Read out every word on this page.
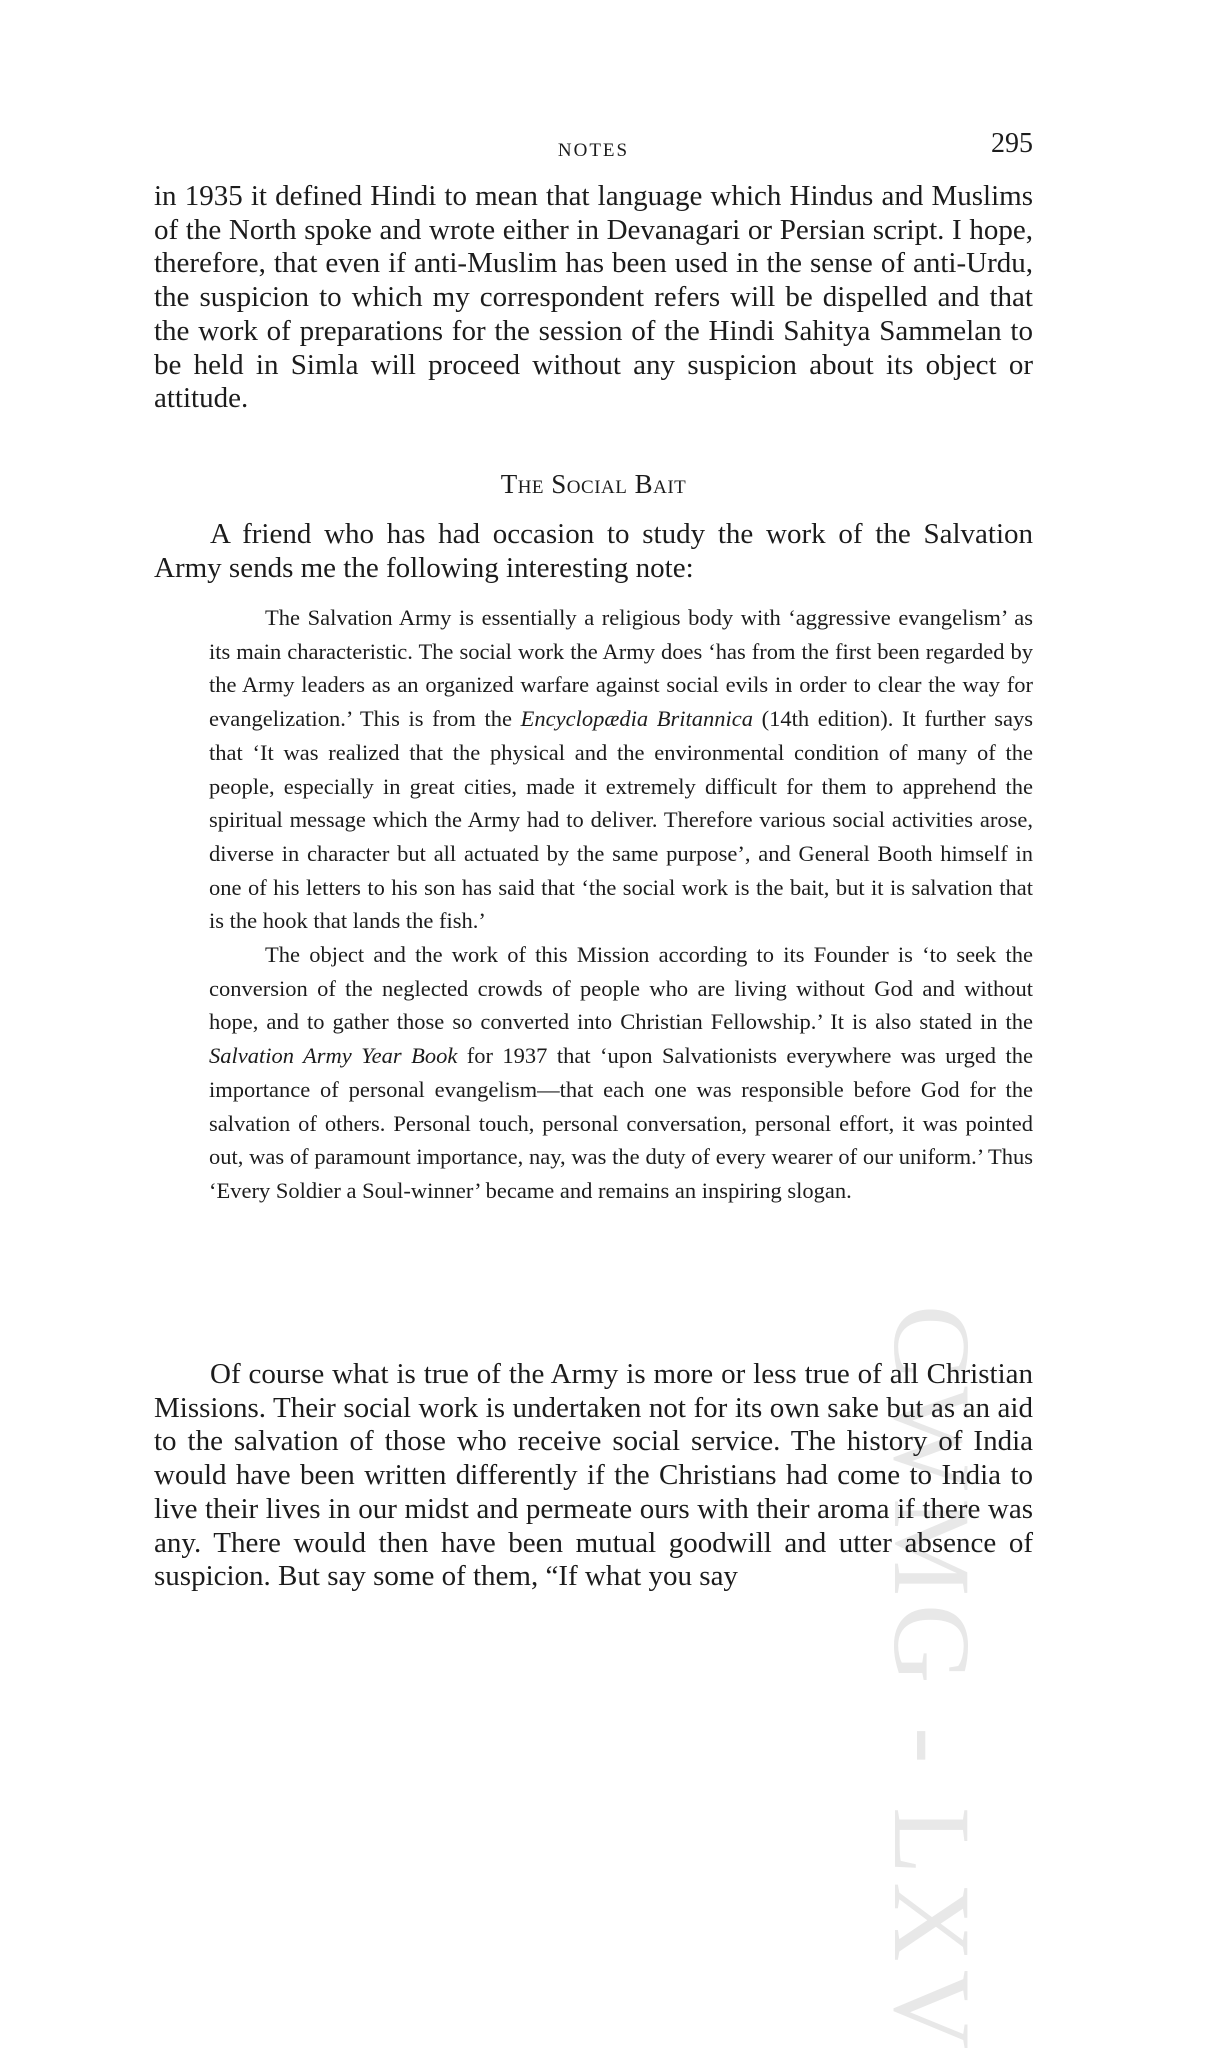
CWMG - LXV
NOTES	295

in 1935 it defined Hindi to mean that language which Hindus and Muslims of the North spoke and wrote either in Devanagari or Persian script. I hope, therefore, that even if anti-Muslim has been used in the sense of anti-Urdu, the suspicion to which my correspondent refers will be dispelled and that the work of preparations for the session of the Hindi Sahitya Sammelan to be held in Simla will proceed without any suspicion about its object or attitude.

The Social Bait

A friend who has had occasion to study the work of the Salvation Army sends me the following interesting note:

The Salvation Army is essentially a religious body with ‘aggressive evangelism’ as its main characteristic. The social work the Army does ‘has from the first been regarded by the Army leaders as an organized warfare against social evils in order to clear the way for evangelization.’ This is from the Encyclopædia Britannica (14th edition). It further says that ‘It was realized that the physical and the environmental condition of many of the people, especially in great cities, made it extremely difficult for them to apprehend the spiritual message which the Army had to deliver. Therefore various social activities arose, diverse in character but all actuated by the same purpose’, and General Booth himself in one of his letters to his son has said that ‘the social work is the bait, but it is salvation that is the hook that lands the fish.’

The object and the work of this Mission according to its Founder is ‘to seek the conversion of the neglected crowds of people who are living without God and without hope, and to gather those so converted into Christian Fellowship.’ It is also stated in the Salvation Army Year Book for 1937 that ‘upon Salvationists everywhere was urged the importance of personal evangelism—that each one was responsible before God for the salvation of others. Personal touch, personal conversation, personal effort, it was pointed out, was of paramount importance, nay, was the duty of every wearer of our uniform.’ Thus ‘Every Soldier a Soul-winner’ became and remains an inspiring slogan.

Of course what is true of the Army is more or less true of all Christian Missions. Their social work is undertaken not for its own sake but as an aid to the salvation of those who receive social service. The history of India would have been written differently if the Christians had come to India to live their lives in our midst and permeate ours with their aroma if there was any. There would then have been mutual goodwill and utter absence of suspicion. But say some of them, “If what you say
